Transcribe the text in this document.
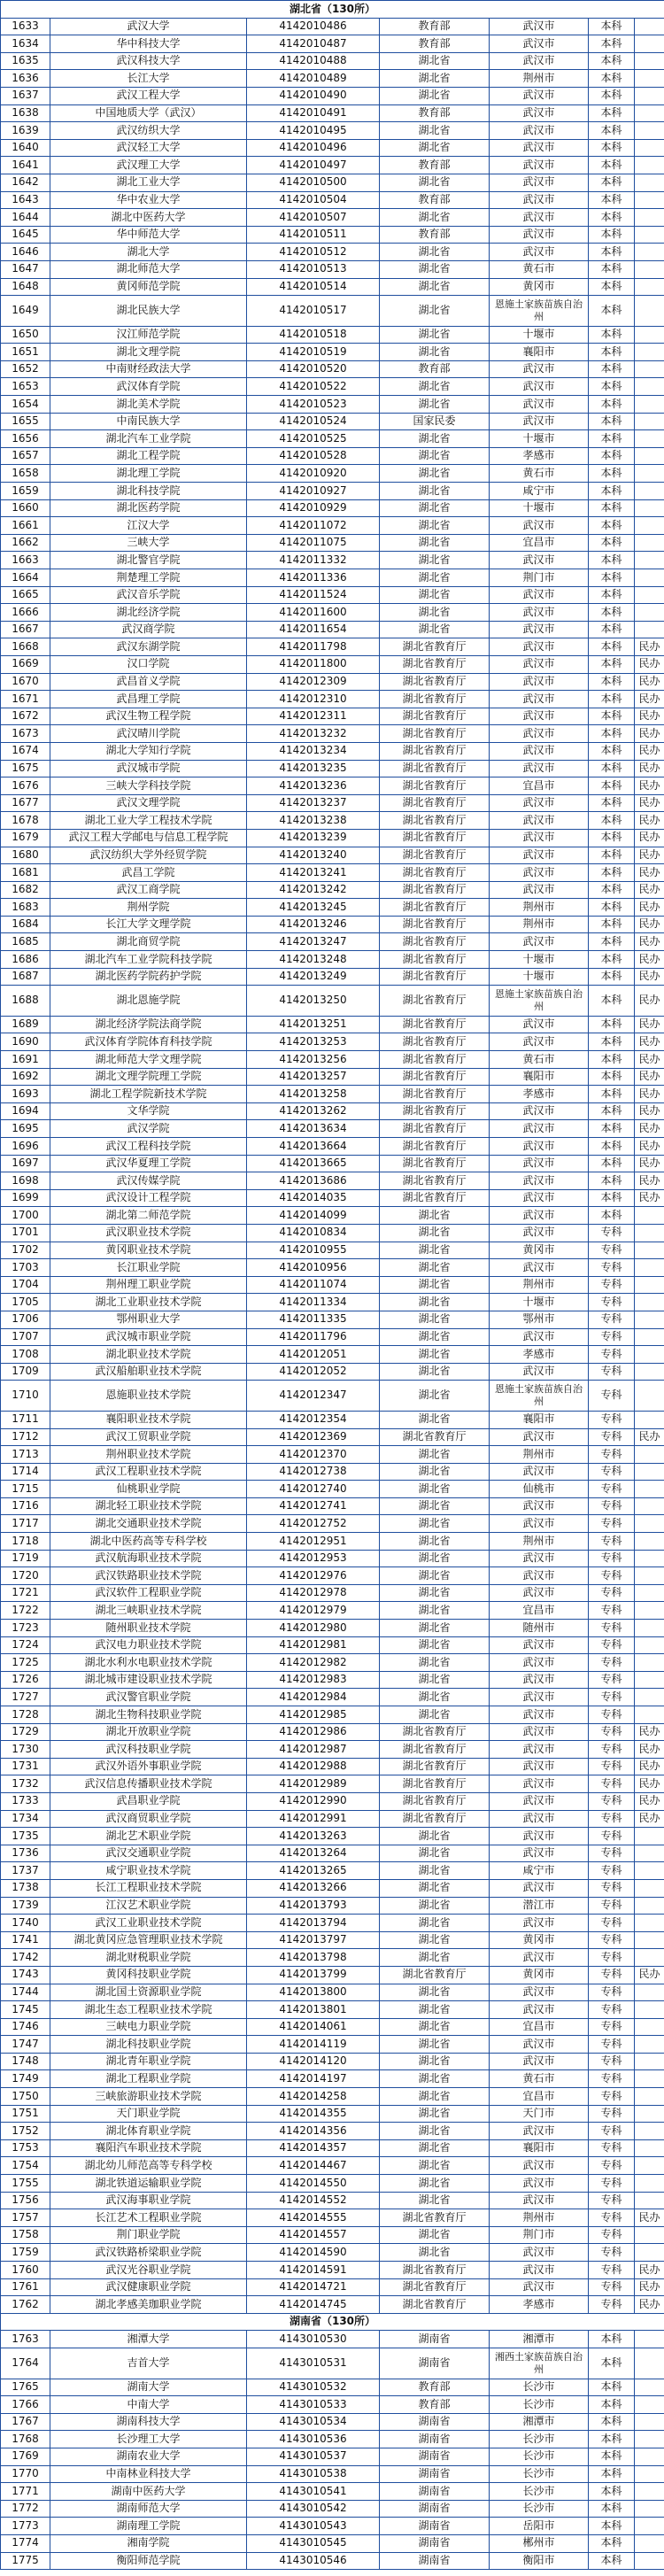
湖北省（130所）						
1633	武汉大学	4142010486	教育部	武汉市	本科	
1634	华中科技大学	4142010487	教育部	武汉市	本科	
1635	武汉科技大学	4142010488	湖北省	武汉市	本科	
1636	长江大学	4142010489	湖北省	荆州市	本科	
1637	武汉工程大学	4142010490	湖北省	武汉市	本科	
1638	中国地质大学（武汉）	4142010491	教育部	武汉市	本科	
1639	武汉纺织大学	4142010495	湖北省	武汉市	本科	
1640	武汉轻工大学	4142010496	湖北省	武汉市	本科	
1641	武汉理工大学	4142010497	教育部	武汉市	本科	
1642	湖北工业大学	4142010500	湖北省	武汉市	本科	
1643	华中农业大学	4142010504	教育部	武汉市	本科	
1644	湖北中医药大学	4142010507	湖北省	武汉市	本科	
1645	华中师范大学	4142010511	教育部	武汉市	本科	
1646	湖北大学	4142010512	湖北省	武汉市	本科	
1647	湖北师范大学	4142010513	湖北省	黄石市	本科	
1648	黄冈师范学院	4142010514	湖北省	黄冈市	本科	
1649	湖北民族大学	4142010517	湖北省	恩施土家族苗族自治州	本科	
1650	汉江师范学院	4142010518	湖北省	十堰市	本科	
1651	湖北文理学院	4142010519	湖北省	襄阳市	本科	
1652	中南财经政法大学	4142010520	教育部	武汉市	本科	
1653	武汉体育学院	4142010522	湖北省	武汉市	本科	
1654	湖北美术学院	4142010523	湖北省	武汉市	本科	
1655	中南民族大学	4142010524	国家民委	武汉市	本科	
1656	湖北汽车工业学院	4142010525	湖北省	十堰市	本科	
1657	湖北工程学院	4142010528	湖北省	孝感市	本科	
1658	湖北理工学院	4142010920	湖北省	黄石市	本科	
1659	湖北科技学院	4142010927	湖北省	咸宁市	本科	
1660	湖北医药学院	4142010929	湖北省	十堰市	本科	
1661	江汉大学	4142011072	湖北省	武汉市	本科	
1662	三峡大学	4142011075	湖北省	宜昌市	本科	
1663	湖北警官学院	4142011332	湖北省	武汉市	本科	
1664	荆楚理工学院	4142011336	湖北省	荆门市	本科	
1665	武汉音乐学院	4142011524	湖北省	武汉市	本科	
1666	湖北经济学院	4142011600	湖北省	武汉市	本科	
1667	武汉商学院	4142011654	湖北省	武汉市	本科	
1668	武汉东湖学院	4142011798	湖北省教育厅	武汉市	本科	民办
1669	汉口学院	4142011800	湖北省教育厅	武汉市	本科	民办
1670	武昌首义学院	4142012309	湖北省教育厅	武汉市	本科	民办
1671	武昌理工学院	4142012310	湖北省教育厅	武汉市	本科	民办
1672	武汉生物工程学院	4142012311	湖北省教育厅	武汉市	本科	民办
1673	武汉晴川学院	4142013232	湖北省教育厅	武汉市	本科	民办
1674	湖北大学知行学院	4142013234	湖北省教育厅	武汉市	本科	民办
1675	武汉城市学院	4142013235	湖北省教育厅	武汉市	本科	民办
1676	三峡大学科技学院	4142013236	湖北省教育厅	宜昌市	本科	民办
1677	武汉文理学院	4142013237	湖北省教育厅	武汉市	本科	民办
1678	湖北工业大学工程技术学院	4142013238	湖北省教育厅	武汉市	本科	民办
1679	武汉工程大学邮电与信息工程学院	4142013239	湖北省教育厅	武汉市	本科	民办
1680	武汉纺织大学外经贸学院	4142013240	湖北省教育厅	武汉市	本科	民办
1681	武昌工学院	4142013241	湖北省教育厅	武汉市	本科	民办
1682	武汉工商学院	4142013242	湖北省教育厅	武汉市	本科	民办
1683	荆州学院	4142013245	湖北省教育厅	荆州市	本科	民办
1684	长江大学文理学院	4142013246	湖北省教育厅	荆州市	本科	民办
1685	湖北商贸学院	4142013247	湖北省教育厅	武汉市	本科	民办
1686	湖北汽车工业学院科技学院	4142013248	湖北省教育厅	十堰市	本科	民办
1687	湖北医药学院药护学院	4142013249	湖北省教育厅	十堰市	本科	民办
1688	湖北恩施学院	4142013250	湖北省教育厅	恩施土家族苗族自治州	本科	民办
1689	湖北经济学院法商学院	4142013251	湖北省教育厅	武汉市	本科	民办
1690	武汉体育学院体育科技学院	4142013253	湖北省教育厅	武汉市	本科	民办
1691	湖北师范大学文理学院	4142013256	湖北省教育厅	黄石市	本科	民办
1692	湖北文理学院理工学院	4142013257	湖北省教育厅	襄阳市	本科	民办
1693	湖北工程学院新技术学院	4142013258	湖北省教育厅	孝感市	本科	民办
1694	文华学院	4142013262	湖北省教育厅	武汉市	本科	民办
1695	武汉学院	4142013634	湖北省教育厅	武汉市	本科	民办
1696	武汉工程科技学院	4142013664	湖北省教育厅	武汉市	本科	民办
1697	武汉华夏理工学院	4142013665	湖北省教育厅	武汉市	本科	民办
1698	武汉传媒学院	4142013686	湖北省教育厅	武汉市	本科	民办
1699	武汉设计工程学院	4142014035	湖北省教育厅	武汉市	本科	民办
1700	湖北第二师范学院	4142014099	湖北省	武汉市	本科	
1701	武汉职业技术学院	4142010834	湖北省	武汉市	专科	
1702	黄冈职业技术学院	4142010955	湖北省	黄冈市	专科	
1703	长江职业学院	4142010956	湖北省	武汉市	专科	
1704	荆州理工职业学院	4142011074	湖北省	荆州市	专科	
1705	湖北工业职业技术学院	4142011334	湖北省	十堰市	专科	
1706	鄂州职业大学	4142011335	湖北省	鄂州市	专科	
1707	武汉城市职业学院	4142011796	湖北省	武汉市	专科	
1708	湖北职业技术学院	4142012051	湖北省	孝感市	专科	
1709	武汉船舶职业技术学院	4142012052	湖北省	武汉市	专科	
1710	恩施职业技术学院	4142012347	湖北省	恩施土家族苗族自治州	专科	
1711	襄阳职业技术学院	4142012354	湖北省	襄阳市	专科	
1712	武汉工贸职业学院	4142012369	湖北省教育厅	武汉市	专科	民办
1713	荆州职业技术学院	4142012370	湖北省	荆州市	专科	
1714	武汉工程职业技术学院	4142012738	湖北省	武汉市	专科	
1715	仙桃职业学院	4142012740	湖北省	仙桃市	专科	
1716	湖北轻工职业技术学院	4142012741	湖北省	武汉市	专科	
1717	湖北交通职业技术学院	4142012752	湖北省	武汉市	专科	
1718	湖北中医药高等专科学校	4142012951	湖北省	荆州市	专科	
1719	武汉航海职业技术学院	4142012953	湖北省	武汉市	专科	
1720	武汉铁路职业技术学院	4142012976	湖北省	武汉市	专科	
1721	武汉软件工程职业学院	4142012978	湖北省	武汉市	专科	
1722	湖北三峡职业技术学院	4142012979	湖北省	宜昌市	专科	
1723	随州职业技术学院	4142012980	湖北省	随州市	专科	
1724	武汉电力职业技术学院	4142012981	湖北省	武汉市	专科	
1725	湖北水利水电职业技术学院	4142012982	湖北省	武汉市	专科	
1726	湖北城市建设职业技术学院	4142012983	湖北省	武汉市	专科	
1727	武汉警官职业学院	4142012984	湖北省	武汉市	专科	
1728	湖北生物科技职业学院	4142012985	湖北省	武汉市	专科	
1729	湖北开放职业学院	4142012986	湖北省教育厅	武汉市	专科	民办
1730	武汉科技职业学院	4142012987	湖北省教育厅	武汉市	专科	民办
1731	武汉外语外事职业学院	4142012988	湖北省教育厅	武汉市	专科	民办
1732	武汉信息传播职业技术学院	4142012989	湖北省教育厅	武汉市	专科	民办
1733	武昌职业学院	4142012990	湖北省教育厅	武汉市	专科	民办
1734	武汉商贸职业学院	4142012991	湖北省教育厅	武汉市	专科	民办
1735	湖北艺术职业学院	4142013263	湖北省	武汉市	专科	
1736	武汉交通职业学院	4142013264	湖北省	武汉市	专科	
1737	咸宁职业技术学院	4142013265	湖北省	咸宁市	专科	
1738	长江工程职业技术学院	4142013266	湖北省	武汉市	专科	
1739	江汉艺术职业学院	4142013793	湖北省	潜江市	专科	
1740	武汉工业职业技术学院	4142013794	湖北省	武汉市	专科	
1741	湖北黄冈应急管理职业技术学院	4142013797	湖北省	黄冈市	专科	
1742	湖北财税职业学院	4142013798	湖北省	武汉市	专科	
1743	黄冈科技职业学院	4142013799	湖北省教育厅	黄冈市	专科	民办
1744	湖北国土资源职业学院	4142013800	湖北省	武汉市	专科	
1745	湖北生态工程职业技术学院	4142013801	湖北省	武汉市	专科	
1746	三峡电力职业学院	4142014061	湖北省	宜昌市	专科	
1747	湖北科技职业学院	4142014119	湖北省	武汉市	专科	
1748	湖北青年职业学院	4142014120	湖北省	武汉市	专科	
1749	湖北工程职业学院	4142014197	湖北省	黄石市	专科	
1750	三峡旅游职业技术学院	4142014258	湖北省	宜昌市	专科	
1751	天门职业学院	4142014355	湖北省	天门市	专科	
1752	湖北体育职业学院	4142014356	湖北省	武汉市	专科	
1753	襄阳汽车职业技术学院	4142014357	湖北省	襄阳市	专科	
1754	湖北幼儿师范高等专科学校	4142014467	湖北省	武汉市	专科	
1755	湖北铁道运输职业学院	4142014550	湖北省	武汉市	专科	
1756	武汉海事职业学院	4142014552	湖北省	武汉市	专科	
1757	长江艺术工程职业学院	4142014555	湖北省教育厅	荆州市	专科	民办
1758	荆门职业学院	4142014557	湖北省	荆门市	专科	
1759	武汉铁路桥梁职业学院	4142014590	湖北省	武汉市	专科	
1760	武汉光谷职业学院	4142014591	湖北省教育厅	武汉市	专科	民办
1761	武汉健康职业学院	4142014721	湖北省教育厅	武汉市	专科	民办
1762	湖北孝感美珈职业学院	4142014745	湖北省教育厅	孝感市	专科	民办
湖南省（130所）						
1763	湘潭大学	4143010530	湖南省	湘潭市	本科	
1764	吉首大学	4143010531	湖南省	湘西土家族苗族自治州	本科	
1765	湖南大学	4143010532	教育部	长沙市	本科	
1766	中南大学	4143010533	教育部	长沙市	本科	
1767	湖南科技大学	4143010534	湖南省	湘潭市	本科	
1768	长沙理工大学	4143010536	湖南省	长沙市	本科	
1769	湖南农业大学	4143010537	湖南省	长沙市	本科	
1770	中南林业科技大学	4143010538	湖南省	长沙市	本科	
1771	湖南中医药大学	4143010541	湖南省	长沙市	本科	
1772	湖南师范大学	4143010542	湖南省	长沙市	本科	
1773	湖南理工学院	4143010543	湖南省	岳阳市	本科	
1774	湘南学院	4143010545	湖南省	郴州市	本科	
1775	衡阳师范学院	4143010546	湖南省	衡阳市	本科	
